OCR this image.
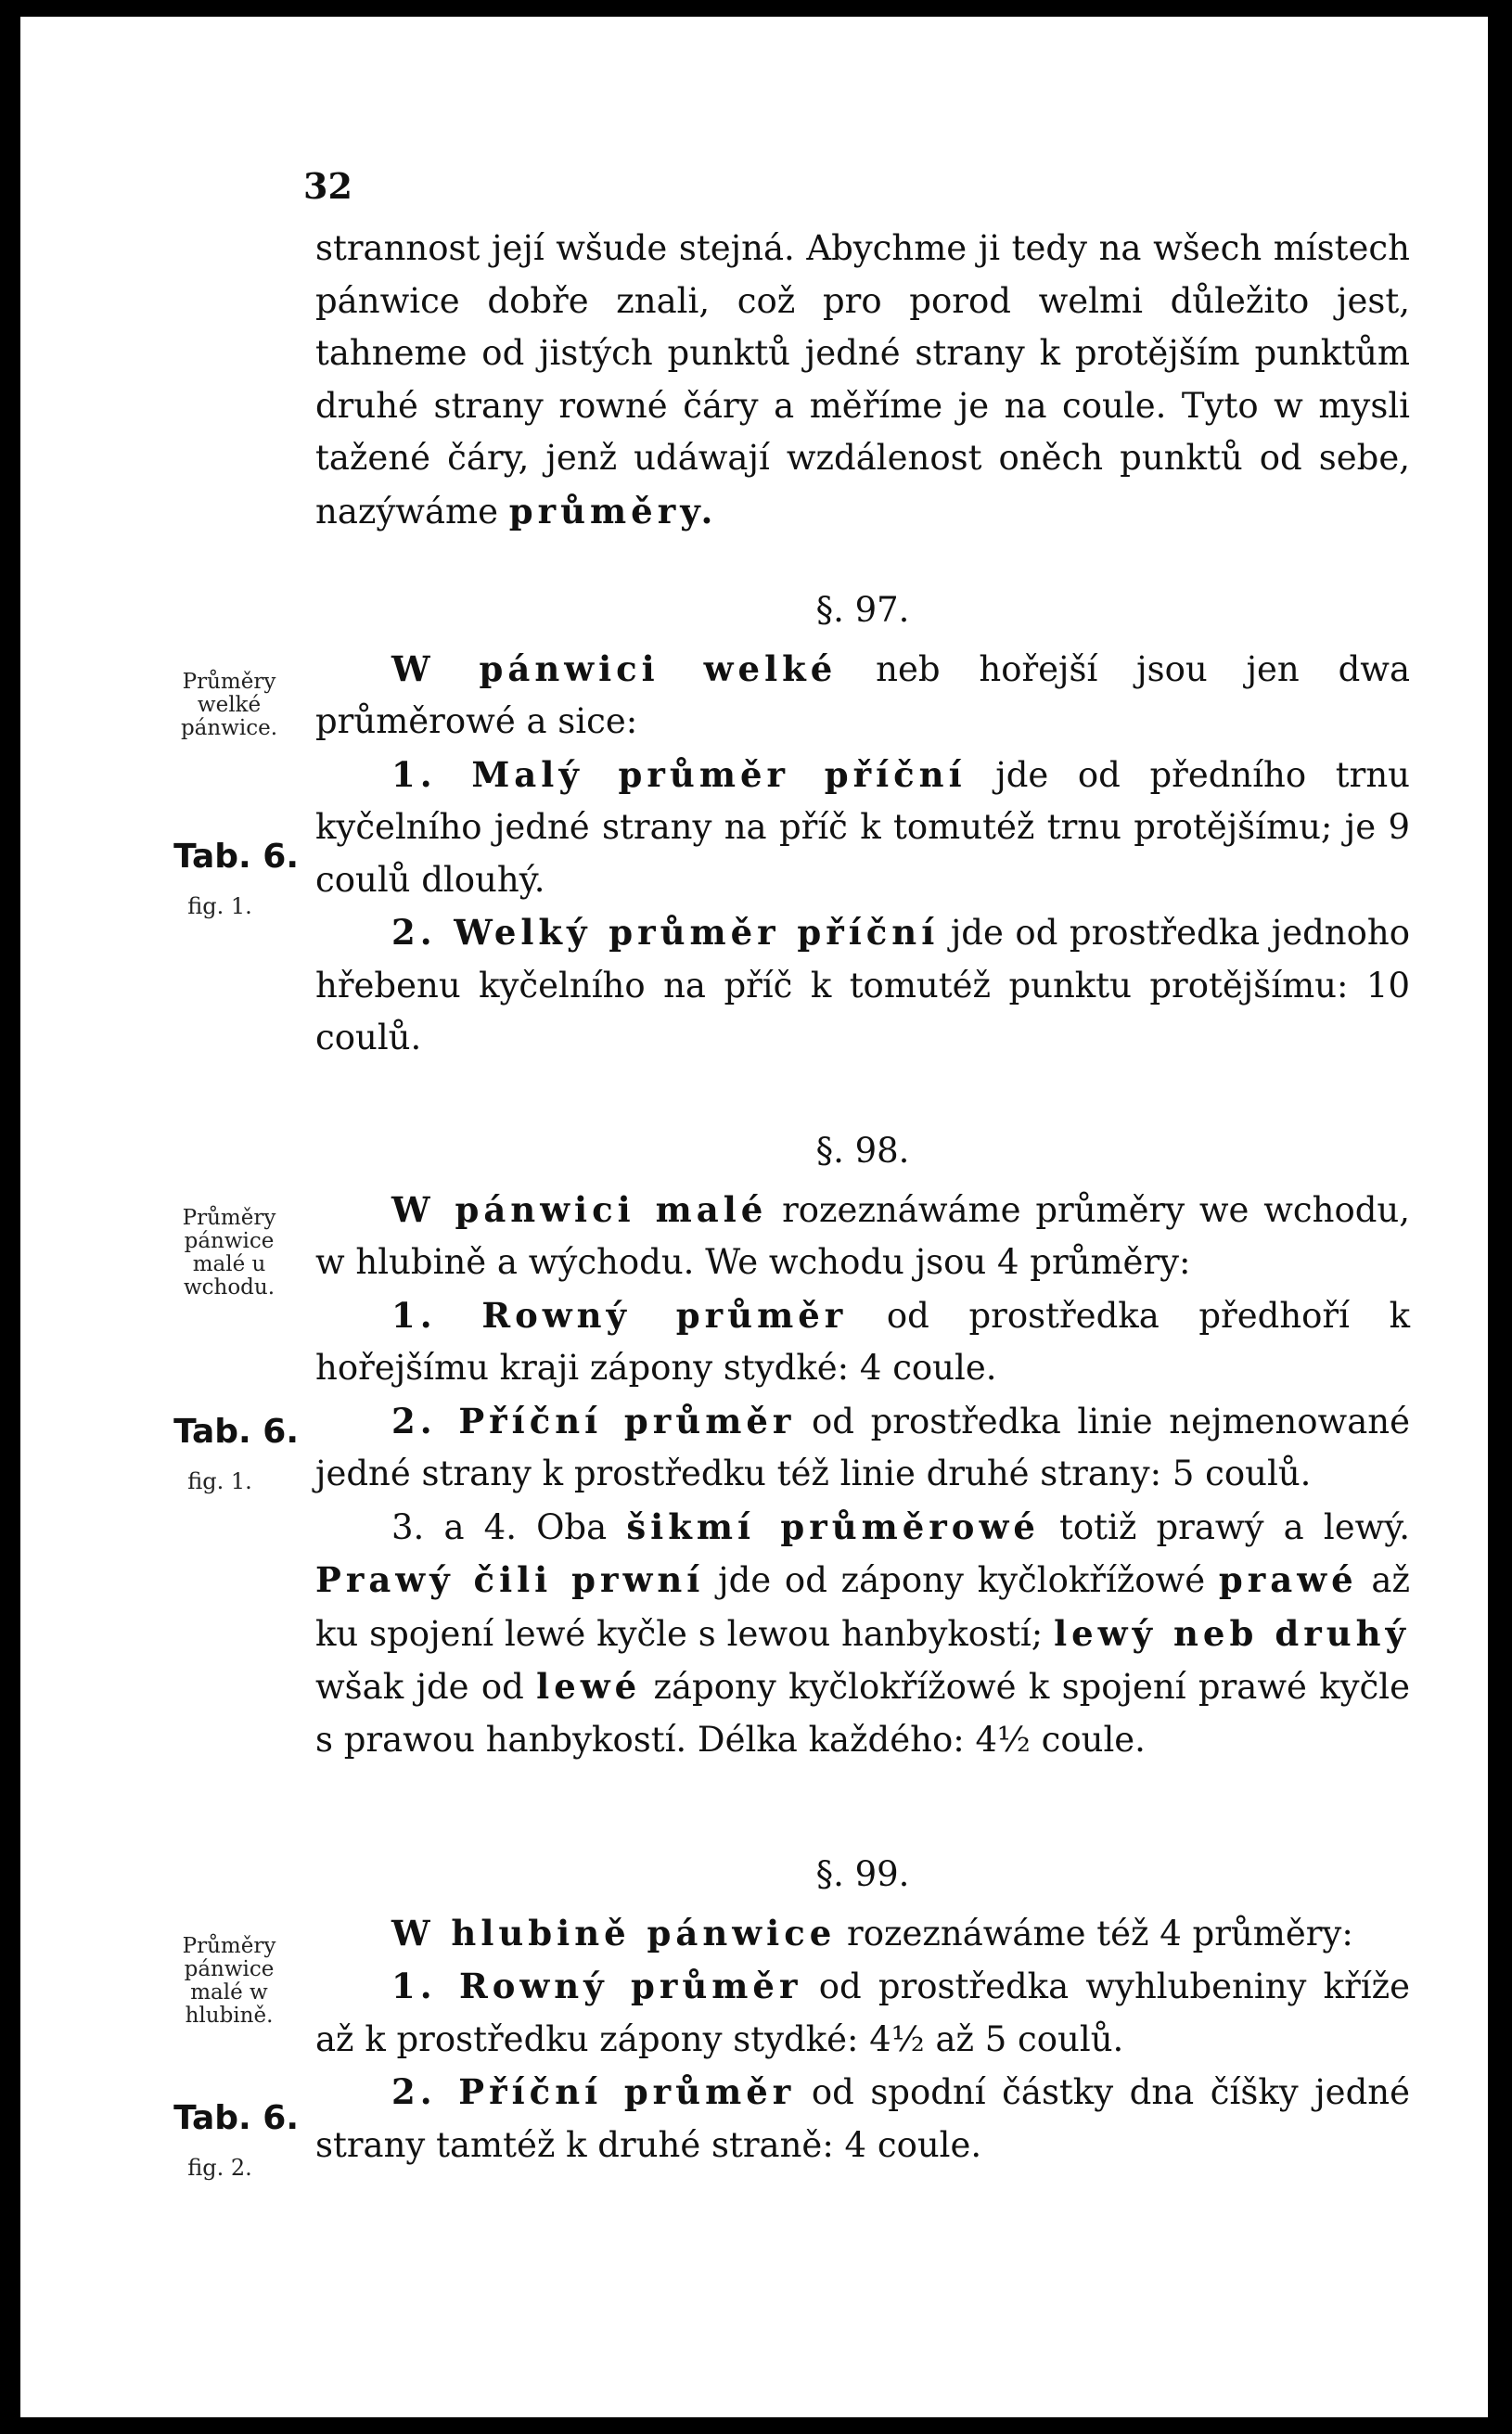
32

strannost její wšude stejná. Abychme ji tedy na wšech místech pánwice dobře znali, což pro porod welmi důležito jest, tahneme od jistých punktů jedné strany k protějším punktům druhé strany rowné čáry a měříme je na coule. Tyto w mysli tažené čáry, jenž udáwají wzdálenost oněch punktů od sebe, nazýwáme průměry.

§. 97.

W pánwici welké neb hořejší jsou jen dwa průměrowé a sice:

1. Malý průměr příční jde od předního trnu kyčelního jedné strany na příč k tomutéž trnu protějšímu; je 9 coulů dlouhý.

2. Welký průměr příční jde od prostředka jednoho hřebenu kyčelního na příč k tomutéž punktu protějšímu: 10 coulů.

Průměry welké pánwice.
Tab. 6.
fig. 1.

§. 98.

W pánwici malé rozeznáwáme průměry we wchodu, w hlubině a wýchodu. We wchodu jsou 4 průměry:

1. Rowný průměr od prostředka předhoří k hořejšímu kraji zápony stydké: 4 coule.

2. Příční průměr od prostředka linie nejmenowané jedné strany k prostředku též linie druhé strany: 5 coulů.

3. a 4. Oba šikmí průměrowé totiž prawý a lewý. Prawý čili prwní jde od zápony kyčlokřížowé prawé až ku spojení lewé kyčle s lewou hanbykostí; lewý neb druhý wšak jde od lewé zápony kyčlokřížowé k spojení prawé kyčle s prawou hanbykostí. Délka každého: 4½ coule.

Průměry pánwice malé u wchodu.
Tab. 6.
fig. 1.

§. 99.

W hlubině pánwice rozeznáwáme též 4 průměry:

1. Rowný průměr od prostředka wyhlubeniny kříže až k prostředku zápony stydké: 4½ až 5 coulů.

2. Příční průměr od spodní částky dna číšky jedné strany tamtéž k druhé straně: 4 coule.

Průměry pánwice malé w hlubině.
Tab. 6.
fig. 2.
